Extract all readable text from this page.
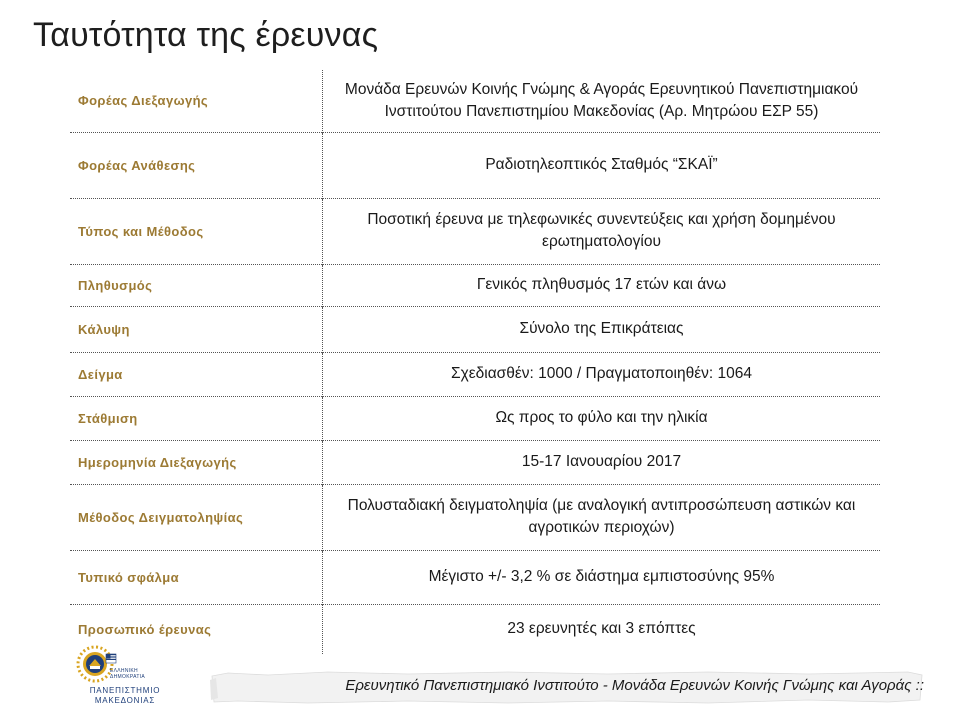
Ταυτότητα της έρευνας
Φορέας Διεξαγωγής	Μονάδα Ερευνών Κοινής Γνώμης & Αγοράς Ερευνητικού Πανεπιστημιακού Ινστιτούτου Πανεπιστημίου Μακεδονίας (Αρ. Μητρώου ΕΣΡ 55)
Φορέας Ανάθεσης	Ραδιοτηλεοπτικός Σταθμός “ΣΚΑΪ”
Τύπος και Μέθοδος	Ποσοτική έρευνα με τηλεφωνικές συνεντεύξεις και χρήση δομημένου ερωτηματολογίου
Πληθυσμός	Γενικός πληθυσμός 17 ετών και άνω
Κάλυψη	Σύνολο της Επικράτειας
Δείγμα	Σχεδιασθέν: 1000 / Πραγματοποιηθέν: 1064
Στάθμιση	Ως προς το φύλο και την ηλικία
Ημερομηνία Διεξαγωγής	15-17 Ιανουαρίου 2017
Μέθοδος Δειγματοληψίας	Πολυσταδιακή δειγματοληψία (με αναλογική αντιπροσώπευση αστικών και αγροτικών περιοχών)
Τυπικό σφάλμα	Μέγιστο +/- 3,2 % σε διάστημα εμπιστοσύνης 95%
Προσωπικό έρευνας	23 ερευνητές και 3 επόπτες
ΕΛΛΗΝΙΚΗ
ΔΗΜΟΚΡΑΤΙΑ
ΠΑΝΕΠΙΣΤΗΜΙΟ
ΜΑΚΕΔΟΝΙΑΣ
Ερευνητικό Πανεπιστημιακό Ινστιτούτο - Μονάδα Ερευνών Κοινής Γνώμης και Αγοράς ::
